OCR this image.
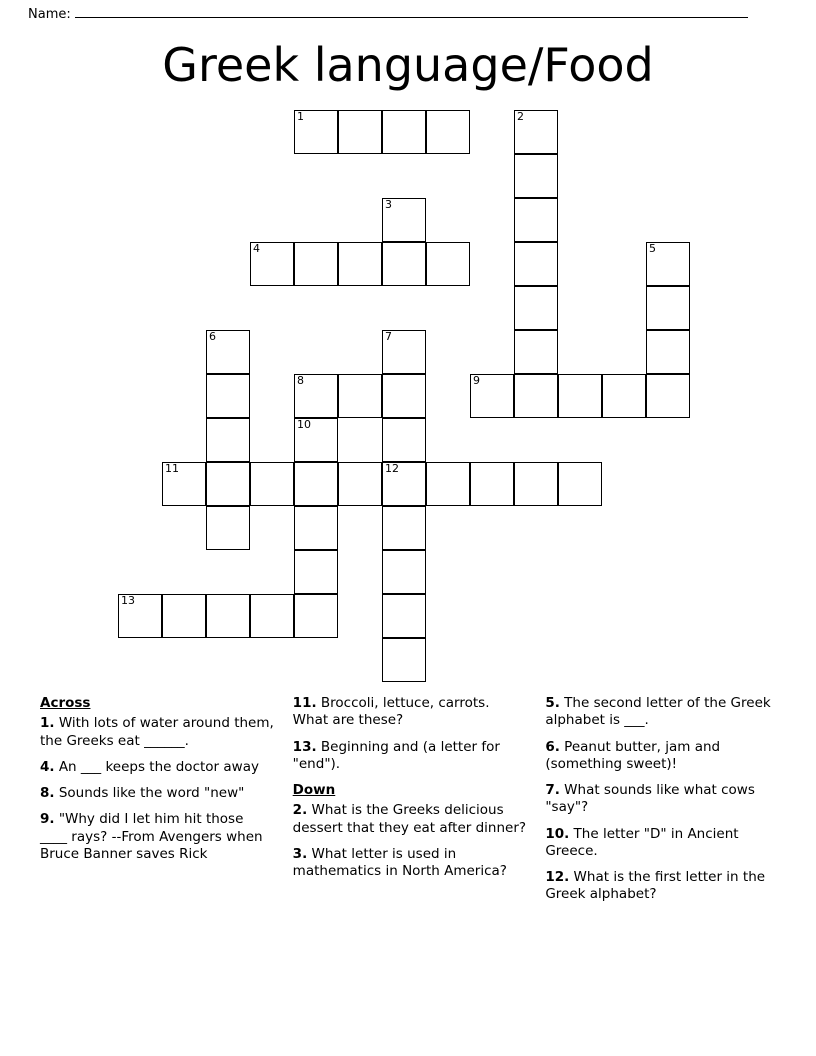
Name:
Greek language/Food
1	2
3
4	5
6	7
8	9
10
11	12
13
Across
1. With lots of water around them, the Greeks eat ______.
4. An ___ keeps the doctor away
8. Sounds like the word "new"
9. "Why did I let him hit those ____ rays? --From Avengers when Bruce Banner saves Rick
11. Broccoli, lettuce, carrots. What are these?
13. Beginning and (a letter for "end").
Down
2. What is the Greeks delicious dessert that they eat after dinner?
3. What letter is used in mathematics in North America?
5. The second letter of the Greek alphabet is ___.
6. Peanut butter, jam and (something sweet)!
7. What sounds like what cows "say"?
10. The letter "D" in Ancient Greece.
12. What is the first letter in the Greek alphabet?
